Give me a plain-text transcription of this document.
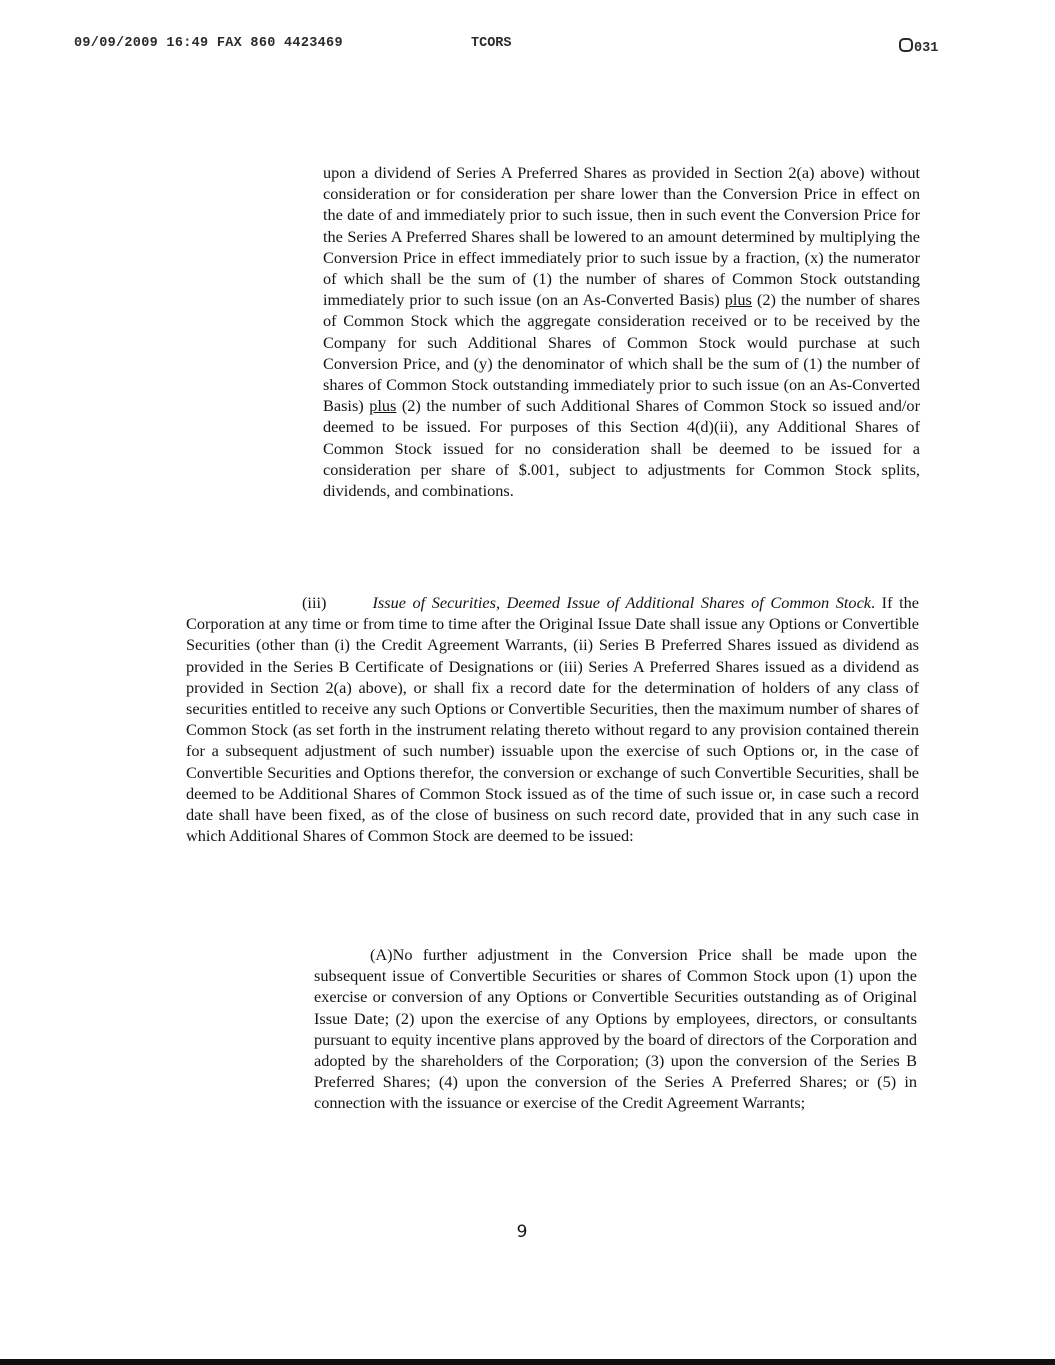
09/09/2009 16:49 FAX 860 4423469	TCORS	031

upon a dividend of Series A Preferred Shares as provided in Section 2(a) above) without consideration or for consideration per share lower than the Conversion Price in effect on the date of and immediately prior to such issue, then in such event the Conversion Price for the Series A Preferred Shares shall be lowered to an amount determined by multiplying the Conversion Price in effect immediately prior to such issue by a fraction, (x) the numerator of which shall be the sum of (1) the number of shares of Common Stock outstanding immediately prior to such issue (on an As-Converted Basis) plus (2) the number of shares of Common Stock which the aggregate consideration received or to be received by the Company for such Additional Shares of Common Stock would purchase at such Conversion Price, and (y) the denominator of which shall be the sum of (1) the number of shares of Common Stock outstanding immediately prior to such issue (on an As-Converted Basis) plus (2) the number of such Additional Shares of Common Stock so issued and/or deemed to be issued. For purposes of this Section 4(d)(ii), any Additional Shares of Common Stock issued for no consideration shall be deemed to be issued for a consideration per share of $.001, subject to adjustments for Common Stock splits, dividends, and combinations.

(iii)	Issue of Securities, Deemed Issue of Additional Shares of Common Stock. If the Corporation at any time or from time to time after the Original Issue Date shall issue any Options or Convertible Securities (other than (i) the Credit Agreement Warrants, (ii) Series B Preferred Shares issued as dividend as provided in the Series B Certificate of Designations or (iii) Series A Preferred Shares issued as a dividend as provided in Section 2(a) above), or shall fix a record date for the determination of holders of any class of securities entitled to receive any such Options or Convertible Securities, then the maximum number of shares of Common Stock (as set forth in the instrument relating thereto without regard to any provision contained therein for a subsequent adjustment of such number) issuable upon the exercise of such Options or, in the case of Convertible Securities and Options therefor, the conversion or exchange of such Convertible Securities, shall be deemed to be Additional Shares of Common Stock issued as of the time of such issue or, in case such a record date shall have been fixed, as of the close of business on such record date, provided that in any such case in which Additional Shares of Common Stock are deemed to be issued:

(A)No further adjustment in the Conversion Price shall be made upon the subsequent issue of Convertible Securities or shares of Common Stock upon (1) upon the exercise or conversion of any Options or Convertible Securities outstanding as of Original Issue Date; (2) upon the exercise of any Options by employees, directors, or consultants pursuant to equity incentive plans approved by the board of directors of the Corporation and adopted by the shareholders of the Corporation; (3) upon the conversion of the Series B Preferred Shares; (4) upon the conversion of the Series A Preferred Shares; or (5) in connection with the issuance or exercise of the Credit Agreement Warrants;

9
